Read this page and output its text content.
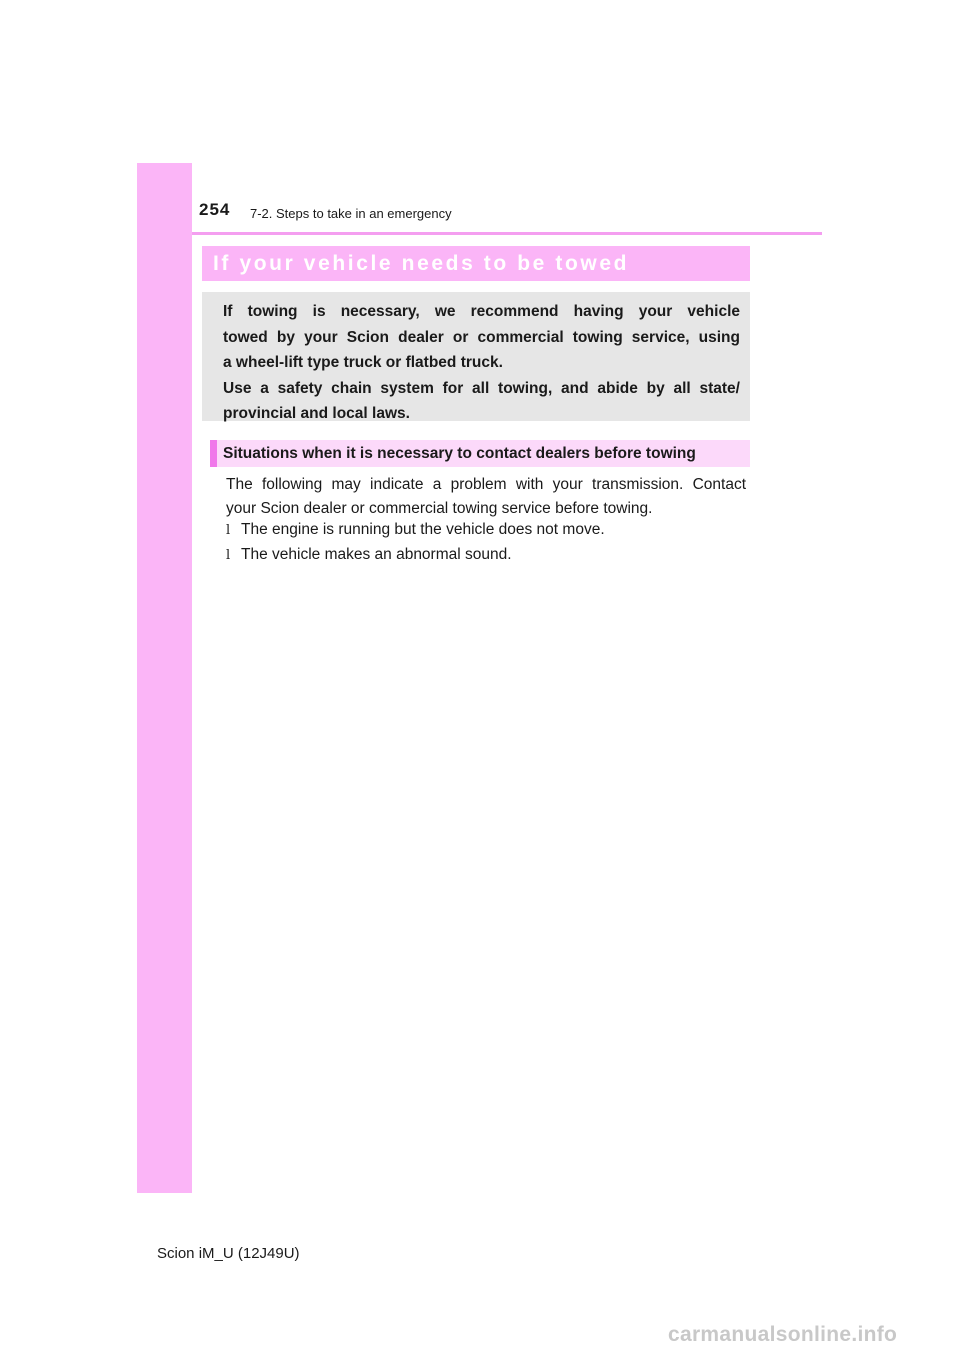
254 7-2. Steps to take in an emergency
If your vehicle needs to be towed

If towing is necessary, we recommend having your vehicle

towed by your Scion dealer or commercial towing service, using

a wheel-lift type truck or flatbed truck.

Use a safety chain system for all towing, and abide by all state/

provincial and local laws.

Situations when it is necessary to contact dealers before towing

The following may indicate a problem with your transmission. Contact

your Scion dealer or commercial towing service before towing.

l The engine is running but the vehicle does not move.
l The vehicle makes an abnormal sound.
Scion iM_U (12J49U)
carmanualsonline.info
